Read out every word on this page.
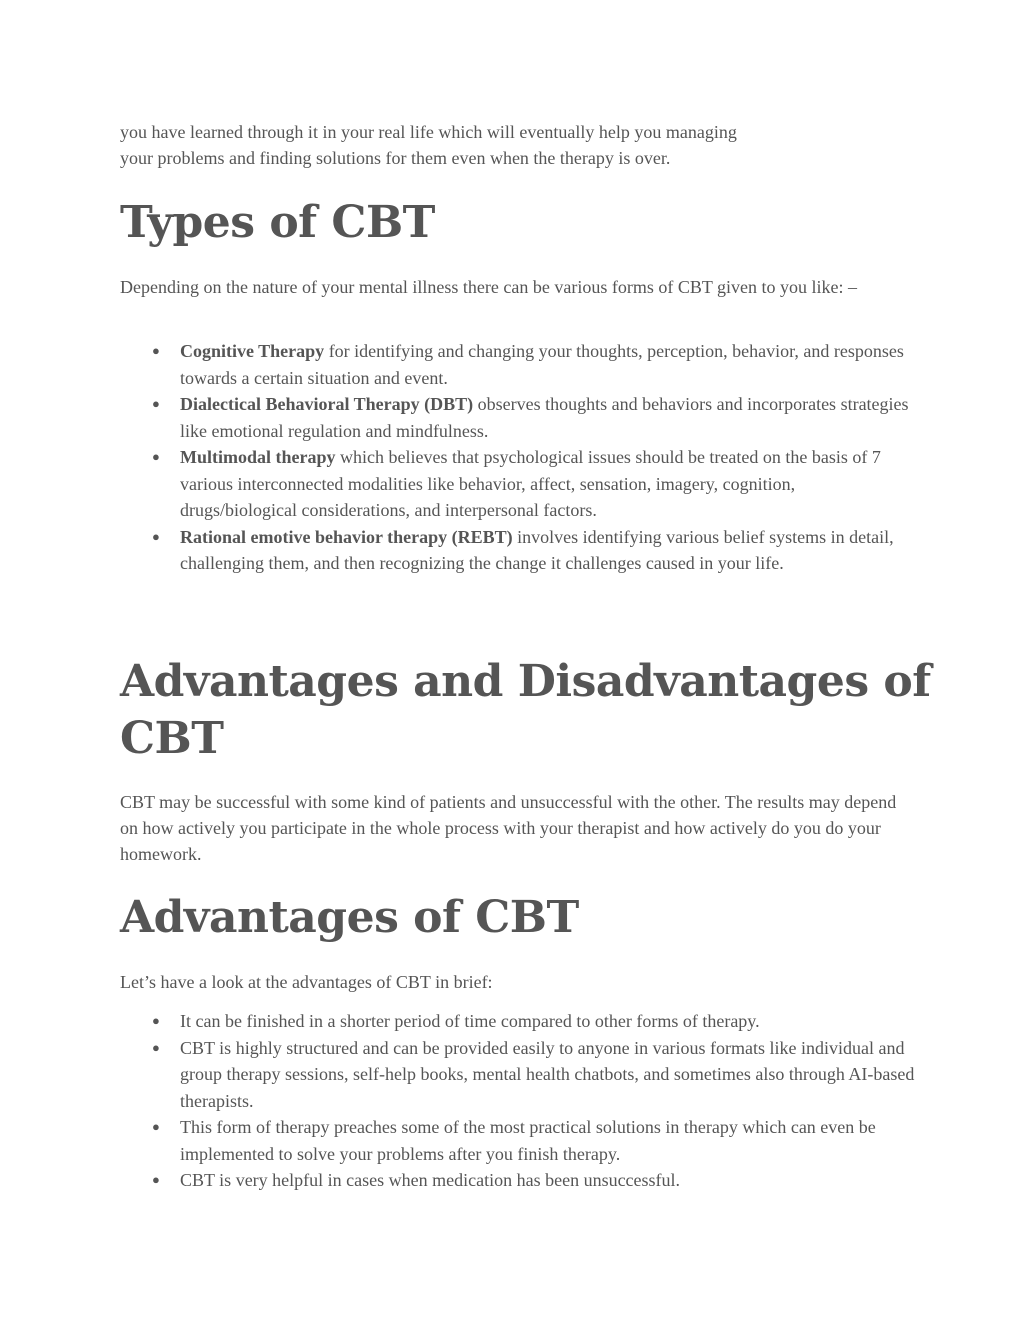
you have learned through it in your real life which will eventually help you managing
your problems and finding solutions for them even when the therapy is over.
Types of CBT
Depending on the nature of your mental illness there can be various forms of CBT given to you like: –
● Cognitive Therapy for identifying and changing your thoughts, perception, behavior, and responses towards a certain situation and event.
● Dialectical Behavioral Therapy (DBT) observes thoughts and behaviors and incorporates strategies like emotional regulation and mindfulness.
● Multimodal therapy which believes that psychological issues should be treated on the basis of 7 various interconnected modalities like behavior, affect, sensation, imagery, cognition, drugs/biological considerations, and interpersonal factors.
● Rational emotive behavior therapy (REBT) involves identifying various belief systems in detail, challenging them, and then recognizing the change it challenges caused in your life.
Advantages and Disadvantages of
CBT
CBT may be successful with some kind of patients and unsuccessful with the other. The results may depend on how actively you participate in the whole process with your therapist and how actively do you do your homework.
Advantages of CBT
Let’s have a look at the advantages of CBT in brief:
● It can be finished in a shorter period of time compared to other forms of therapy.
● CBT is highly structured and can be provided easily to anyone in various formats like individual and group therapy sessions, self-help books, mental health chatbots, and sometimes also through AI-based therapists.
● This form of therapy preaches some of the most practical solutions in therapy which can even be implemented to solve your problems after you finish therapy.
● CBT is very helpful in cases when medication has been unsuccessful.
